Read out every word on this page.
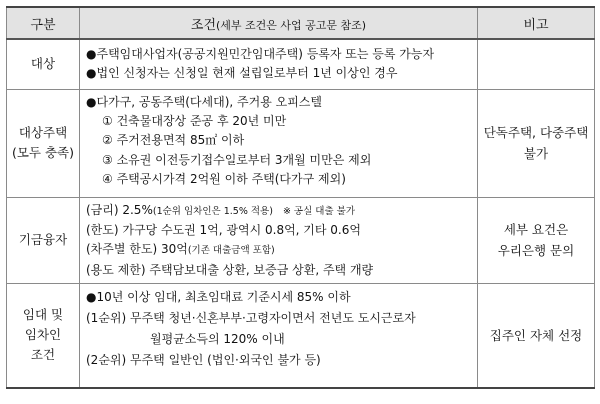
구분	조건(세부 조건은 사업 공고문 참조)	비고

대상	●주택임대사업자(공공지원민간임대주택) 등록자 또는 등록 가능자
●법인 신청자는 신청일 현재 설립일로부터 1년 이상인 경우	

대상주택
(모두 충족)	●다가구, 공동주택(다세대), 주거용 오피스텔
① 건축물대장상 준공 후 20년 미만
② 주거전용면적 85㎡ 이하
③ 소유권 이전등기접수일로부터 3개월 미만은 제외
④ 주택공시가격 2억원 이하 주택(다가구 제외)	단독주택, 다중주택
불가

기금융자	(금리) 2.5%(1순위 임차인은 1.5% 적용) ※ 공실 대출 불가
(한도) 가구당 수도권 1억, 광역시 0.8억, 기타 0.6억
(차주별 한도) 30억(기존 대출금액 포함)
(용도 제한) 주택담보대출 상환, 보증금 상환, 주택 개량	세부 요건은
우리은행 문의

임대 및
임차인
조건	●10년 이상 임대, 최초임대료 기준시세 85% 이하
(1순위) 무주택 청년·신혼부부·고령자이면서 전년도 도시근로자
월평균소득의 120% 이내
(2순위) 무주택 일반인 (법인·외국인 불가 등)	집주인 자체 선정
